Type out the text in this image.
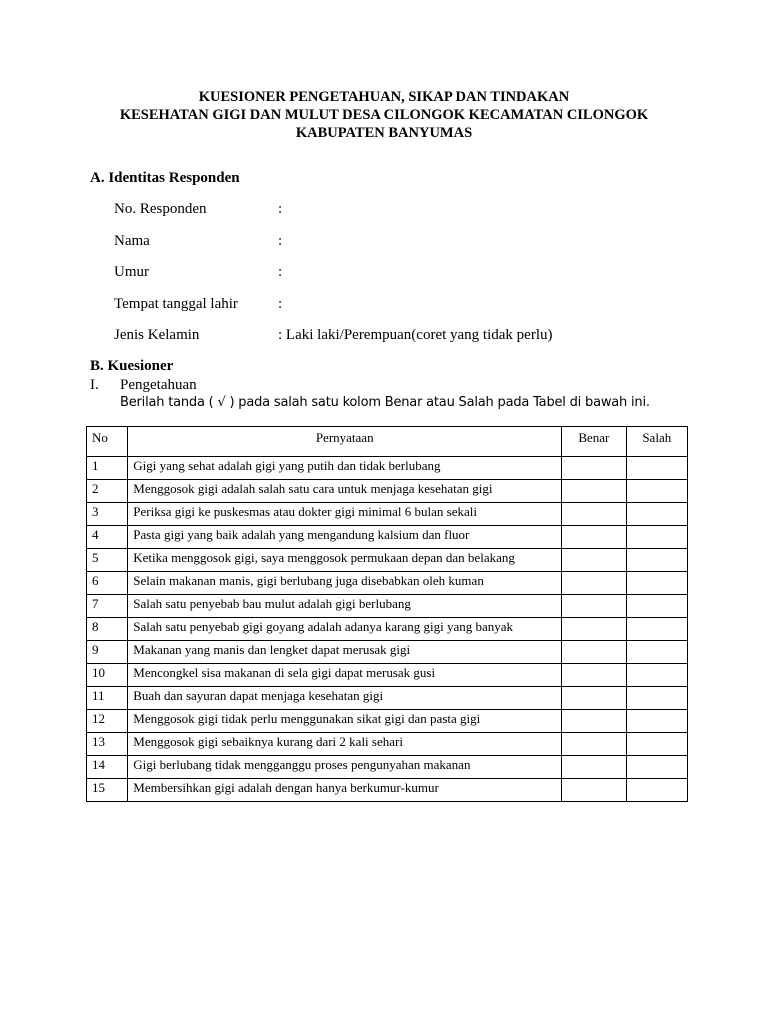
KUESIONER PENGETAHUAN, SIKAP DAN TINDAKAN
KESEHATAN GIGI DAN MULUT DESA CILONGOK KECAMATAN CILONGOK
KABUPATEN BANYUMAS
A. Identitas Responden
No. Responden	:
Nama	:
Umur	:
Tempat tanggal lahir	:
Jenis Kelamin	: Laki laki/Perempuan(coret yang tidak perlu)
B. Kuesioner
I. Pengetahuan
Berilah tanda ( √ ) pada salah satu kolom Benar atau Salah pada Tabel di bawah ini.
No	Pernyataan	Benar	Salah
1	Gigi yang sehat adalah gigi yang putih dan tidak berlubang		
2	Menggosok gigi adalah salah satu cara untuk menjaga kesehatan gigi		
3	Periksa gigi ke puskesmas atau dokter gigi minimal 6 bulan sekali		
4	Pasta gigi yang baik adalah yang mengandung kalsium dan fluor		
5	Ketika menggosok gigi, saya menggosok permukaan depan dan belakang		
6	Selain makanan manis, gigi berlubang juga disebabkan oleh kuman		
7	Salah satu penyebab bau mulut adalah gigi berlubang		
8	Salah satu penyebab gigi goyang adalah adanya karang gigi yang banyak		
9	Makanan yang manis dan lengket dapat merusak gigi		
10	Mencongkel sisa makanan di sela gigi dapat merusak gusi		
11	Buah dan sayuran dapat menjaga kesehatan gigi		
12	Menggosok gigi tidak perlu menggunakan sikat gigi dan pasta gigi		
13	Menggosok gigi sebaiknya kurang dari 2 kali sehari		
14	Gigi berlubang tidak mengganggu proses pengunyahan makanan		
15	Membersihkan gigi adalah dengan hanya berkumur-kumur		
